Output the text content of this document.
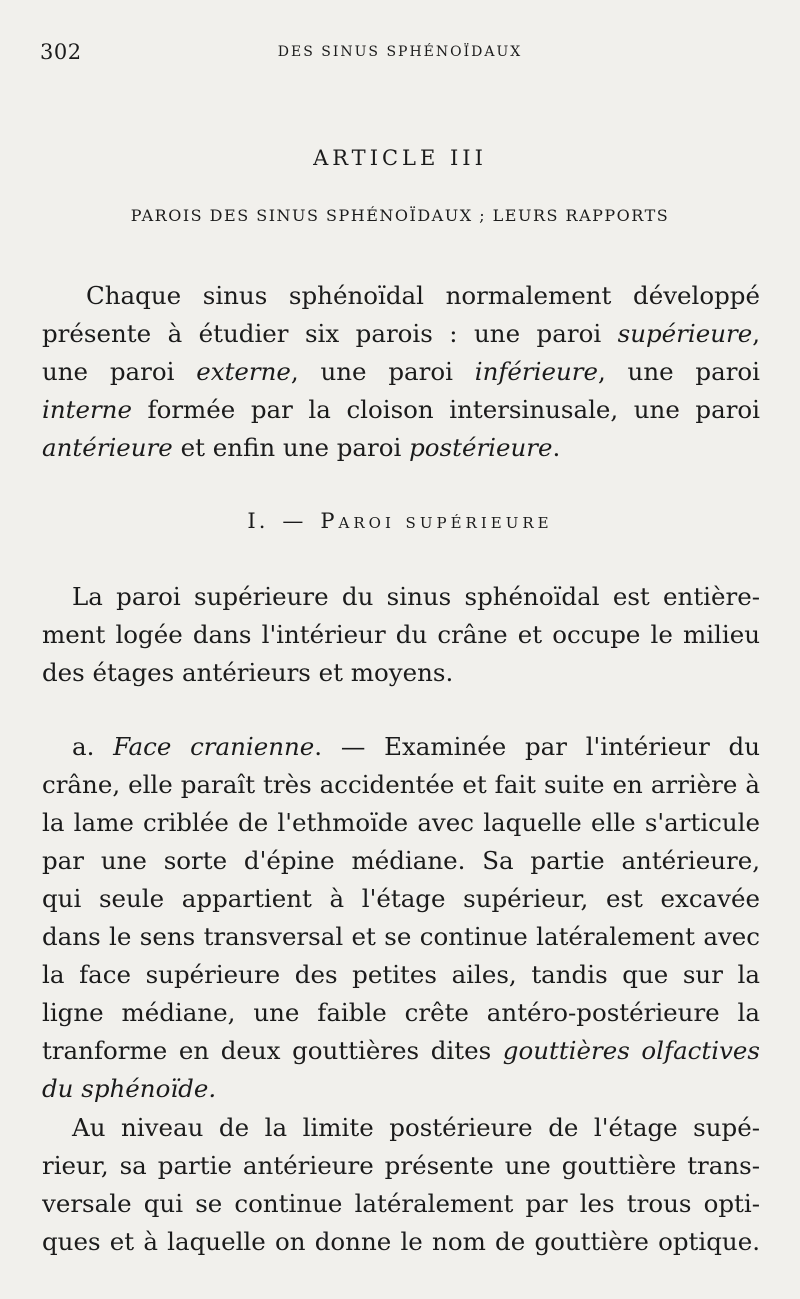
302	DES SINUS SPHÉNOÏDAUX
ARTICLE III
PAROIS DES SINUS SPHÉNOÏDAUX ; LEURS RAPPORTS
Chaque sinus sphénoïdal normalement développé
présente à étudier six parois : une paroi supérieure,
une paroi externe, une paroi inférieure, une paroi
interne formée par la cloison intersinusale, une paroi
antérieure et enfin une paroi postérieure.
I. — Paroi supérieure
La paroi supérieure du sinus sphénoïdal est entière-
ment logée dans l'intérieur du crâne et occupe le milieu
des étages antérieurs et moyens.
a. Face cranienne. — Examinée par l'intérieur du
crâne, elle paraît très accidentée et fait suite en arrière à
la lame criblée de l'ethmoïde avec laquelle elle s'articule
par une sorte d'épine médiane. Sa partie antérieure,
qui seule appartient à l'étage supérieur, est excavée
dans le sens transversal et se continue latéralement avec
la face supérieure des petites ailes, tandis que sur la
ligne médiane, une faible crête antéro-postérieure la
tranforme en deux gouttières dites gouttières olfactives
du sphénoïde.
Au niveau de la limite postérieure de l'étage supé-
rieur, sa partie antérieure présente une gouttière trans-
versale qui se continue latéralement par les trous opti-
ques et à laquelle on donne le nom de gouttière optique.
